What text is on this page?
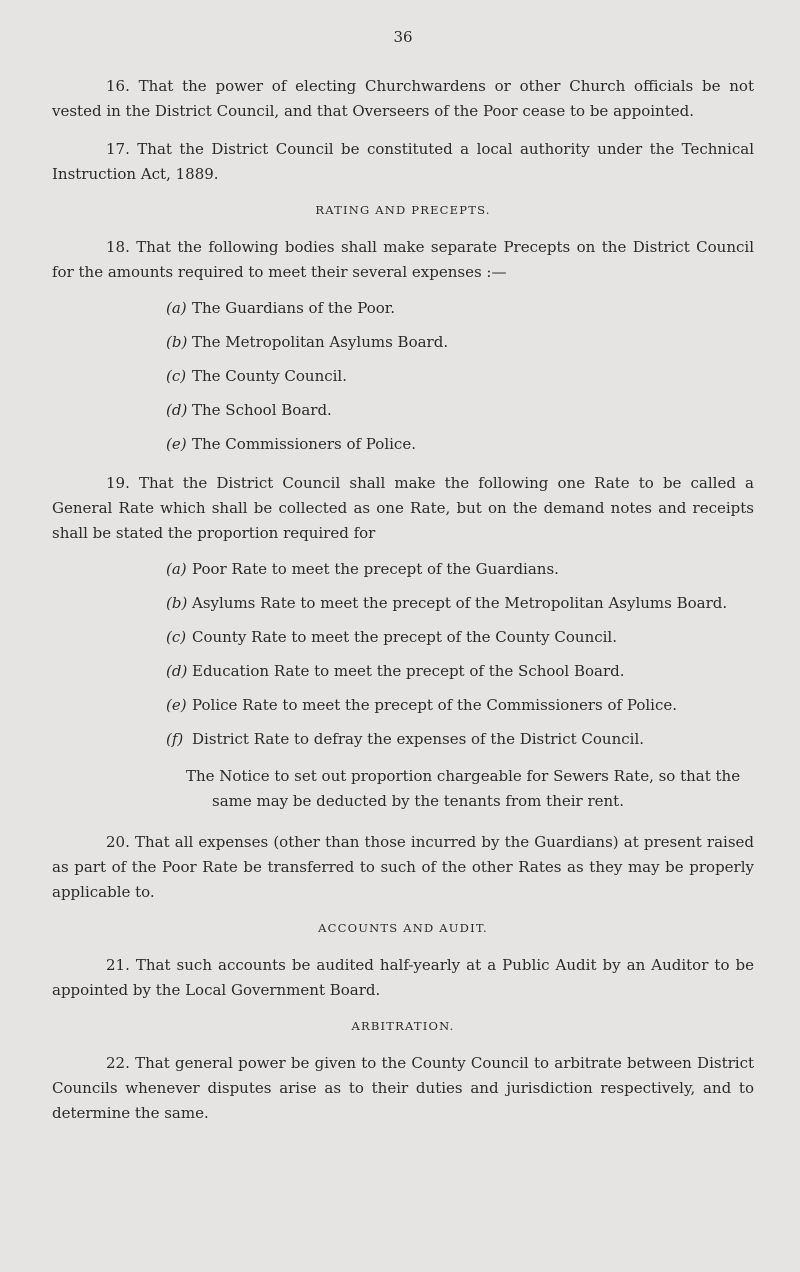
36

16. That the power of electing Churchwardens or other Church officials be not vested in the District Council, and that Overseers of the Poor cease to be appointed.

17. That the District Council be constituted a local authority under the Technical Instruction Act, 1889.

RATING AND PRECEPTS.

18. That the following bodies shall make separate Precepts on the District Council for the amounts required to meet their several expenses :—

(a) The Guardians of the Poor.
(b) The Metropolitan Asylums Board.
(c) The County Council.
(d) The School Board.
(e) The Commissioners of Police.

19. That the District Council shall make the following one Rate to be called a General Rate which shall be collected as one Rate, but on the demand notes and receipts shall be stated the proportion required for

(a) Poor Rate to meet the precept of the Guardians.
(b) Asylums Rate to meet the precept of the Metropolitan Asylums Board.
(c) County Rate to meet the precept of the County Council.
(d) Education Rate to meet the precept of the School Board.
(e) Police Rate to meet the precept of the Commissioners of Police.
(f) District Rate to defray the expenses of the District Council.

The Notice to set out proportion chargeable for Sewers Rate, so that the same may be deducted by the tenants from their rent.

20. That all expenses (other than those incurred by the Guardians) at present raised as part of the Poor Rate be transferred to such of the other Rates as they may be properly applicable to.

ACCOUNTS AND AUDIT.

21. That such accounts be audited half-yearly at a Public Audit by an Auditor to be appointed by the Local Government Board.

ARBITRATION.

22. That general power be given to the County Council to arbitrate between District Councils whenever disputes arise as to their duties and jurisdiction respectively, and to determine the same.
